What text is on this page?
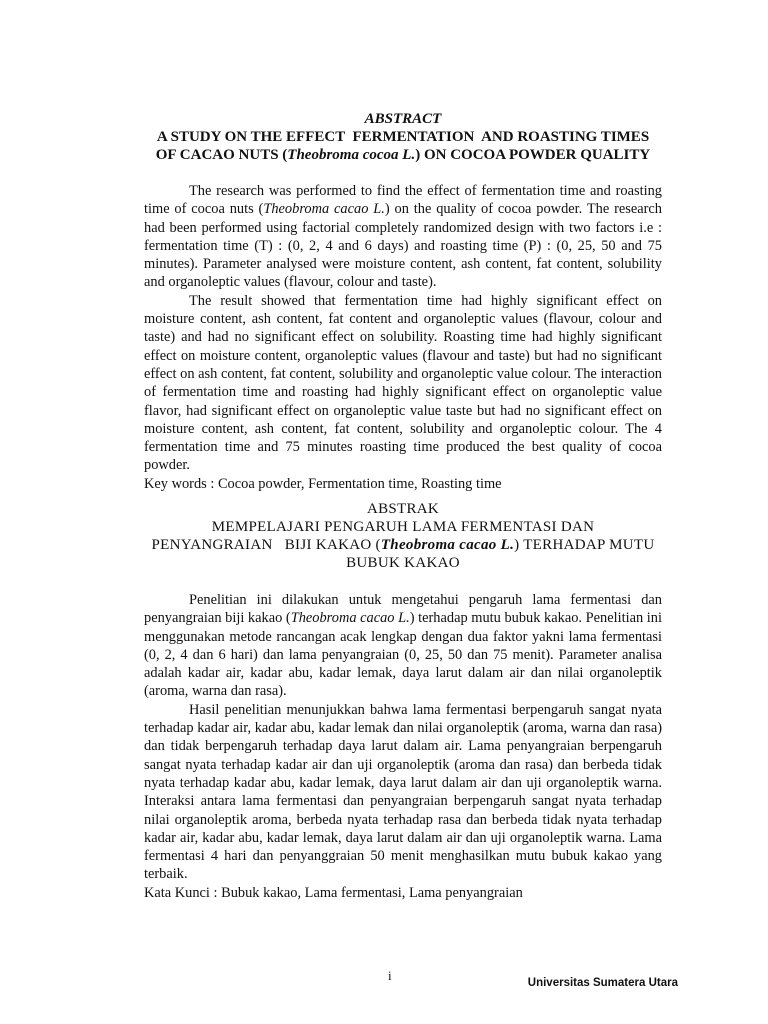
ABSTRACT
A STUDY ON THE EFFECT  FERMENTATION  AND ROASTING TIMES
OF CACAO NUTS (Theobroma cocoa L.) ON COCOA POWDER QUALITY

The research was performed to find the effect of fermentation time and roasting time of cocoa nuts (Theobroma cacao L.) on the quality of cocoa powder. The research had been performed using factorial completely randomized design with two factors i.e : fermentation time (T) : (0, 2, 4 and 6 days) and roasting time (P) : (0, 25, 50 and 75 minutes). Parameter analysed were moisture content, ash content, fat content, solubility and organoleptic values (flavour, colour and taste).

The result showed that fermentation time had highly significant effect on moisture content, ash content, fat content and organoleptic values (flavour, colour and taste) and had no significant effect on solubility. Roasting time had highly significant effect on moisture content, organoleptic values (flavour and taste) but had no significant effect on ash content, fat content, solubility and organoleptic value colour. The interaction of fermentation time and roasting had highly significant effect on organoleptic value flavor, had significant effect on organoleptic value taste but had no significant effect on moisture content, ash content, fat content, solubility and organoleptic colour. The 4 fermentation time and 75 minutes roasting time produced the best quality of cocoa powder.

Key words : Cocoa powder, Fermentation time, Roasting time

ABSTRAK
MEMPELAJARI PENGARUH LAMA FERMENTASI DAN
PENYANGRAIAN   BIJI KAKAO (Theobroma cacao L.) TERHADAP MUTU
BUBUK KAKAO

Penelitian ini dilakukan untuk mengetahui pengaruh lama fermentasi dan penyangraian biji kakao (Theobroma cacao L.) terhadap mutu bubuk kakao. Penelitian ini menggunakan metode rancangan acak lengkap dengan dua faktor yakni lama fermentasi (0, 2, 4 dan 6 hari) dan lama penyangraian (0, 25, 50 dan 75 menit). Parameter analisa adalah kadar air, kadar abu, kadar lemak, daya larut dalam air dan nilai organoleptik (aroma, warna dan rasa).

Hasil penelitian menunjukkan bahwa lama fermentasi berpengaruh sangat nyata terhadap kadar air, kadar abu, kadar lemak dan nilai organoleptik (aroma, warna dan rasa) dan tidak berpengaruh terhadap daya larut dalam air. Lama penyangraian berpengaruh sangat nyata terhadap kadar air dan uji organoleptik (aroma dan rasa) dan berbeda tidak nyata terhadap kadar abu, kadar lemak, daya larut dalam air dan uji organoleptik warna. Interaksi antara lama fermentasi dan penyangraian berpengaruh sangat nyata terhadap nilai organoleptik aroma, berbeda nyata terhadap rasa dan berbeda tidak nyata terhadap kadar air, kadar abu, kadar lemak, daya larut dalam air dan uji organoleptik warna. Lama fermentasi 4 hari dan penyanggraian 50 menit menghasilkan mutu bubuk kakao yang terbaik.

Kata Kunci : Bubuk kakao, Lama fermentasi, Lama penyangraian

i	Universitas Sumatera Utara
